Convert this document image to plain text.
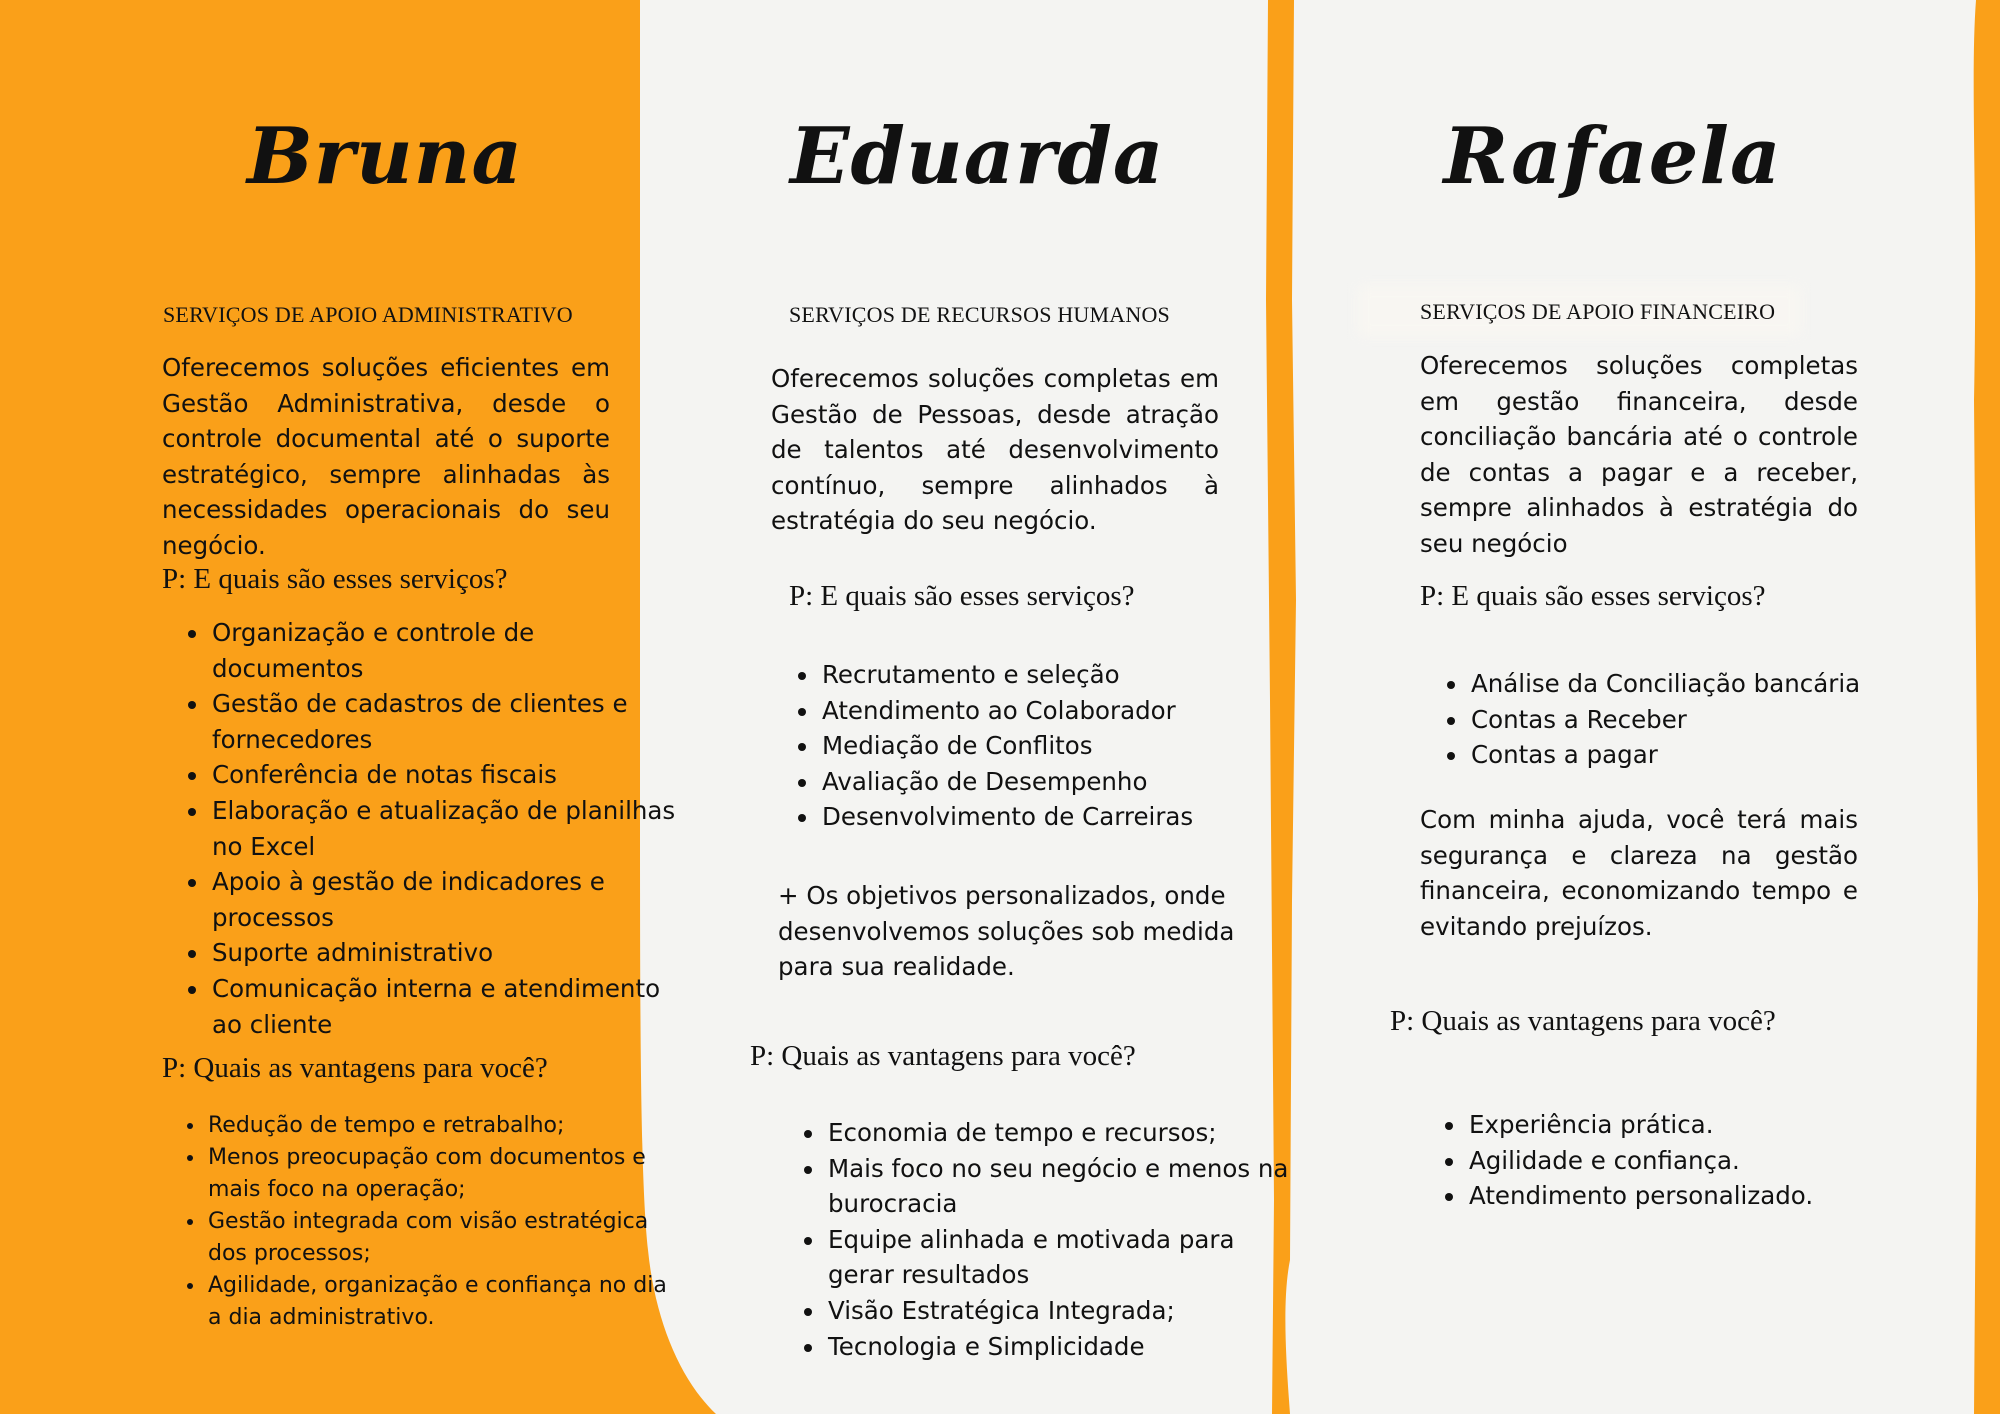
Bruna
SERVIÇOS DE APOIO ADMINISTRATIVO
Oferecemos soluções eficientes em Gestão Administrativa, desde o controle documental até o suporte estratégico, sempre alinhadas às necessidades operacionais do seu negócio.
P: E quais são esses serviços?
• Organização e controle de documentos
• Gestão de cadastros de clientes e fornecedores
• Conferência de notas fiscais
• Elaboração e atualização de planilhas no Excel
• Apoio à gestão de indicadores e processos
• Suporte administrativo
• Comunicação interna e atendimento ao cliente
P: Quais as vantagens para você?
• Redução de tempo e retrabalho;
• Menos preocupação com documentos e mais foco na operação;
• Gestão integrada com visão estratégica dos processos;
• Agilidade, organização e confiança no dia a dia administrativo.
Eduarda
SERVIÇOS DE RECURSOS HUMANOS
Oferecemos soluções completas em Gestão de Pessoas, desde atração de talentos até desenvolvimento contínuo, sempre alinhados à estratégia do seu negócio.
P: E quais são esses serviços?
• Recrutamento e seleção
• Atendimento ao Colaborador
• Mediação de Conflitos
• Avaliação de Desempenho
• Desenvolvimento de Carreiras
+ Os objetivos personalizados, onde desenvolvemos soluções sob medida para sua realidade.
P: Quais as vantagens para você?
• Economia de tempo e recursos;
• Mais foco no seu negócio e menos na burocracia
• Equipe alinhada e motivada para gerar resultados
• Visão Estratégica Integrada;
• Tecnologia e Simplicidade
Rafaela
SERVIÇOS DE APOIO FINANCEIRO
Oferecemos soluções completas em gestão financeira, desde conciliação bancária até o controle de contas a pagar e a receber, sempre alinhados à estratégia do seu negócio
P: E quais são esses serviços?
• Análise da Conciliação bancária
• Contas a Receber
• Contas a pagar
Com minha ajuda, você terá mais segurança e clareza na gestão financeira, economizando tempo e evitando prejuízos.
P: Quais as vantagens para você?
• Experiência prática.
• Agilidade e confiança.
• Atendimento personalizado.
